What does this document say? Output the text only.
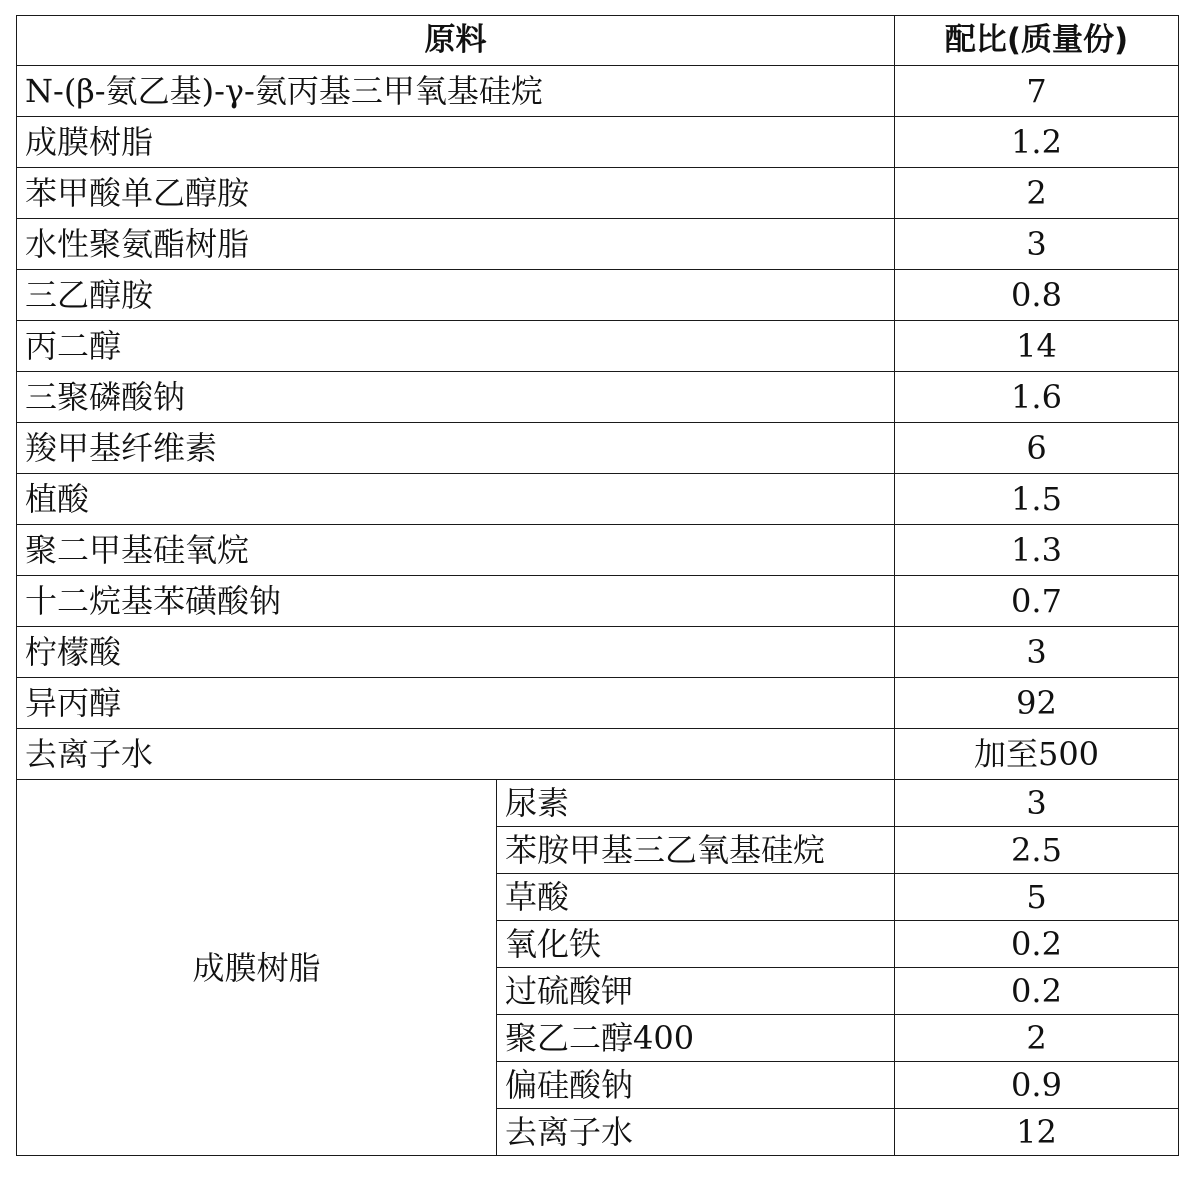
原料		配比(质量份)
N-(β-氨乙基)-γ-氨丙基三甲氧基硅烷		7
成膜树脂		1.2
苯甲酸单乙醇胺		2
水性聚氨酯树脂		3
三乙醇胺		0.8
丙二醇		14
三聚磷酸钠		1.6
羧甲基纤维素		6
植酸		1.5
聚二甲基硅氧烷		1.3
十二烷基苯磺酸钠		0.7
柠檬酸		3
异丙醇		92
去离子水		加至500
成膜树脂	尿素	3
	苯胺甲基三乙氧基硅烷	2.5
	草酸	5
	氧化铁	0.2
	过硫酸钾	0.2
	聚乙二醇400	2
	偏硅酸钠	0.9
	去离子水	12
